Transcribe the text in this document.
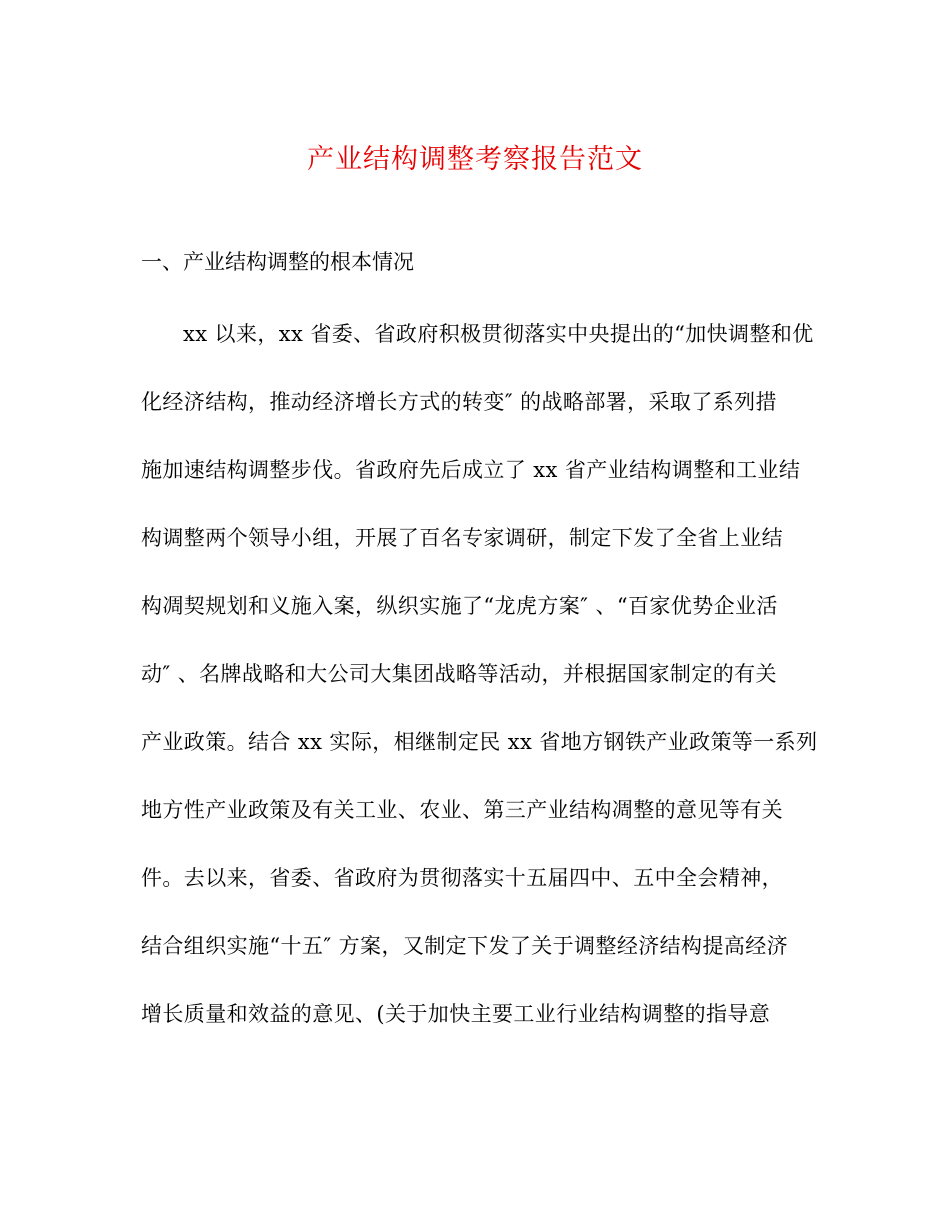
产业结构调整考察报告范文
一、产业结构调整的根本情况
xx 以来，xx 省委、省政府积极贯彻落实中央提出的“加快调整和优
化经济结构，推动经济增长方式的转变″ 的战略部署，采取了系列措
施加速结构调整步伐。省政府先后成立了 xx 省产业结构调整和工业结
构调整两个领导小组，开展了百名专家调研，制定下发了全省上业结
构凋契规划和义施入案，纵织实施了“龙虎方案″ 、“百家优势企业活
动″ 、名牌战略和大公司大集团战略等活动，并根据国家制定的有关
产业政策。结合 xx 实际，相继制定民 xx 省地方钢铁产业政策等一系列
地方性产业政策及有关工业、农业、第三产业结构凋整的意见等有关
件。去以来，省委、省政府为贯彻落实十五届四中、五中全会精神，
结合组织实施“十五″ 方案，又制定下发了关于调整经济结构提高经济
增长质量和效益的意见、(关于加快主要工业行业结构调整的指导意
